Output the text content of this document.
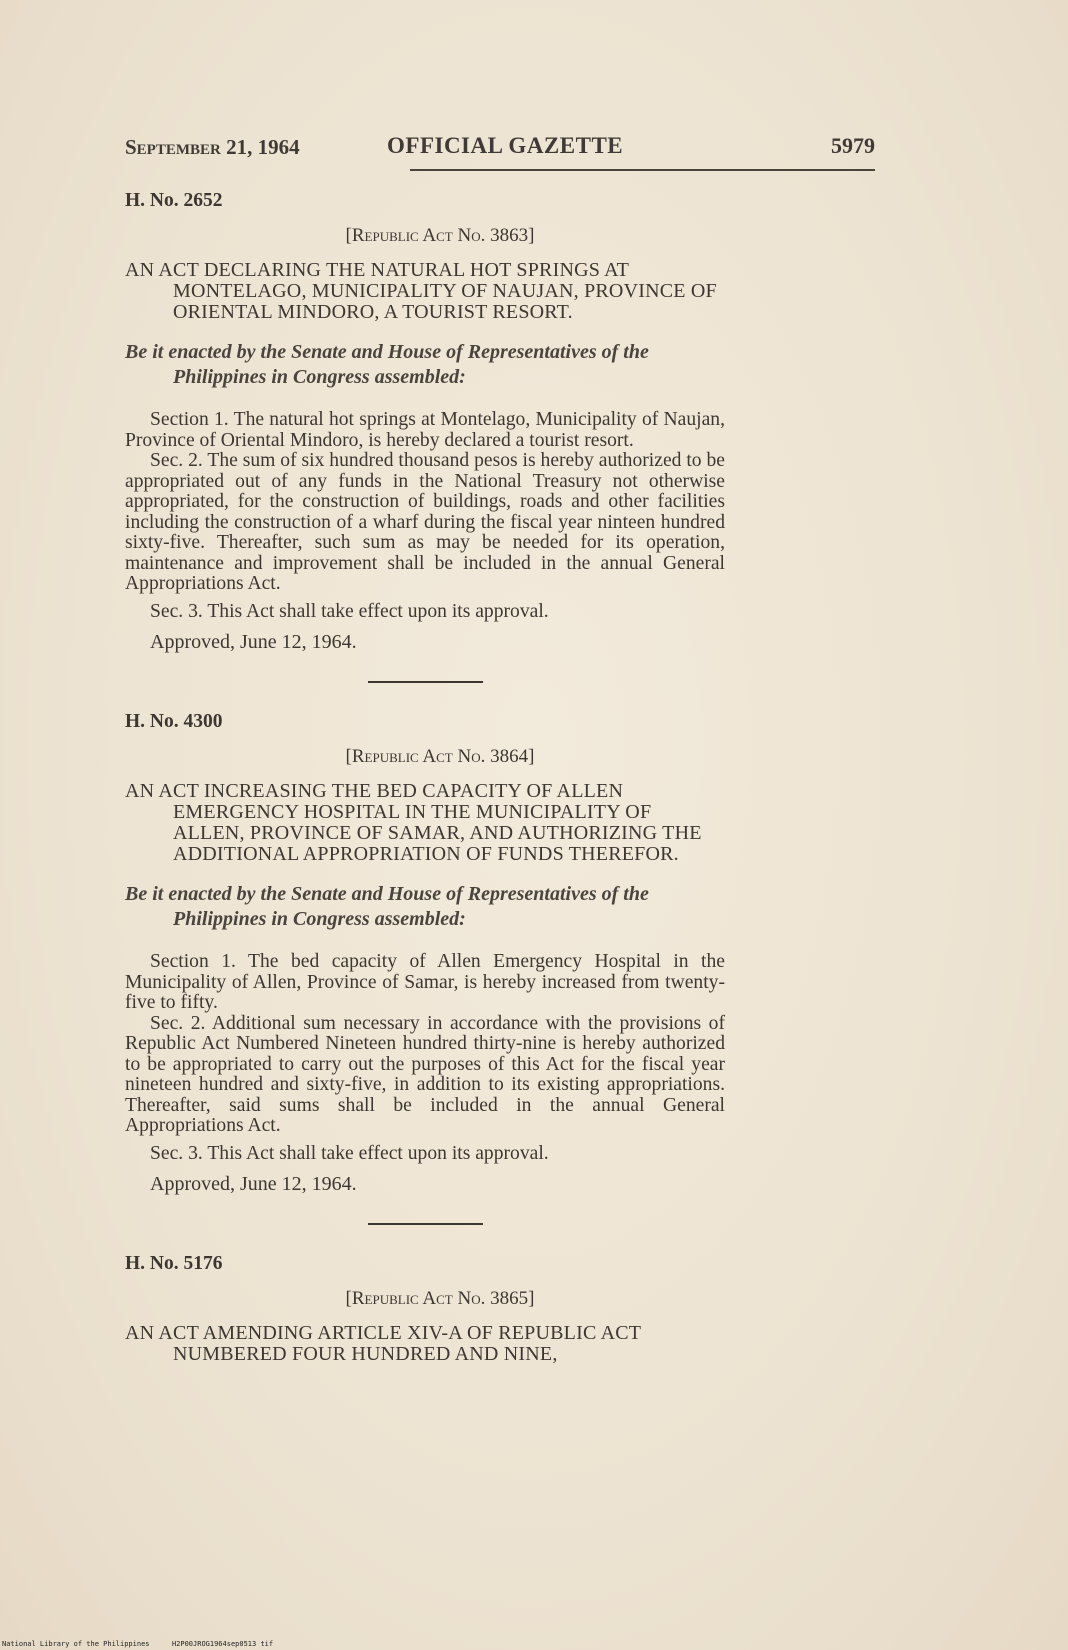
September 21, 1964	OFFICIAL GAZETTE	5979

H. No. 2652

[Republic Act No. 3863]

AN ACT DECLARING THE NATURAL HOT SPRINGS AT MONTELAGO, MUNICIPALITY OF NAUJAN, PROVINCE OF ORIENTAL MINDORO, A TOURIST RESORT.

Be it enacted by the Senate and House of Representatives of the Philippines in Congress assembled:

Section 1. The natural hot springs at Montelago, Municipality of Naujan, Province of Oriental Mindoro, is hereby declared a tourist resort.

Sec. 2. The sum of six hundred thousand pesos is hereby authorized to be appropriated out of any funds in the National Treasury not otherwise appropriated, for the construction of buildings, roads and other facilities including the construction of a wharf during the fiscal year ninteen hundred sixty-five. Thereafter, such sum as may be needed for its operation, maintenance and improvement shall be included in the annual General Appropriations Act.

Sec. 3. This Act shall take effect upon its approval.

Approved, June 12, 1964.

H. No. 4300

[Republic Act No. 3864]

AN ACT INCREASING THE BED CAPACITY OF ALLEN EMERGENCY HOSPITAL IN THE MUNICIPALITY OF ALLEN, PROVINCE OF SAMAR, AND AUTHORIZING THE ADDITIONAL APPROPRIATION OF FUNDS THEREFOR.

Be it enacted by the Senate and House of Representatives of the Philippines in Congress assembled:

Section 1. The bed capacity of Allen Emergency Hospital in the Municipality of Allen, Province of Samar, is hereby increased from twenty-five to fifty.

Sec. 2. Additional sum necessary in accordance with the provisions of Republic Act Numbered Nineteen hundred thirty-nine is hereby authorized to be appropriated to carry out the purposes of this Act for the fiscal year nineteen hundred and sixty-five, in addition to its existing appropriations. Thereafter, said sums shall be included in the annual General Appropriations Act.

Sec. 3. This Act shall take effect upon its approval.

Approved, June 12, 1964.

H. No. 5176

[Republic Act No. 3865]

AN ACT AMENDING ARTICLE XIV-A OF REPUBLIC ACT NUMBERED FOUR HUNDRED AND NINE,

National Library of the Philippines	H2P00JROG1964sep0513 tif
